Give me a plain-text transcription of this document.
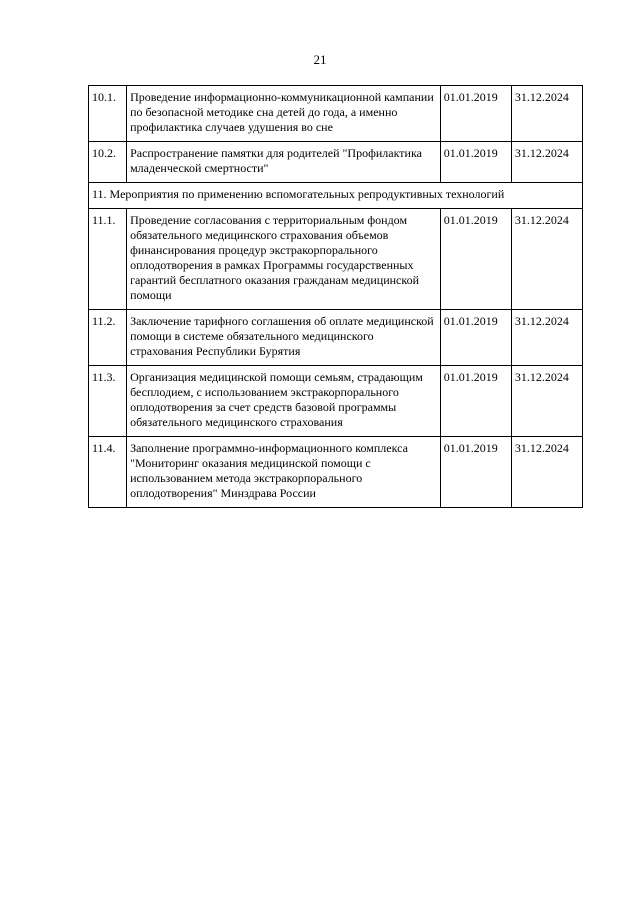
21
10.1.	Проведение информационно-коммуникационной кампании по безопасной методике сна детей до года, а именно профилактика случаев удушения во сне	01.01.2019	31.12.2024
10.2.	Распространение памятки для родителей "Профилактика младенческой смертности"	01.01.2019	31.12.2024
11. Мероприятия по применению вспомогательных репродуктивных технологий			
11.1.	Проведение согласования с территориальным фондом обязательного медицинского страхования объемов финансирования процедур экстракорпорального оплодотворения в рамках Программы государственных гарантий бесплатного оказания гражданам медицинской помощи	01.01.2019	31.12.2024
11.2.	Заключение тарифного соглашения об оплате медицинской помощи в системе обязательного медицинского страхования Республики Бурятия	01.01.2019	31.12.2024
11.3.	Организация медицинской помощи семьям, страдающим бесплодием, с использованием экстракорпорального оплодотворения за счет средств базовой программы обязательного медицинского страхования	01.01.2019	31.12.2024
11.4.	Заполнение программно-информационного комплекса "Мониторинг оказания медицинской помощи с использованием метода экстракорпорального оплодотворения" Минздрава России	01.01.2019	31.12.2024
